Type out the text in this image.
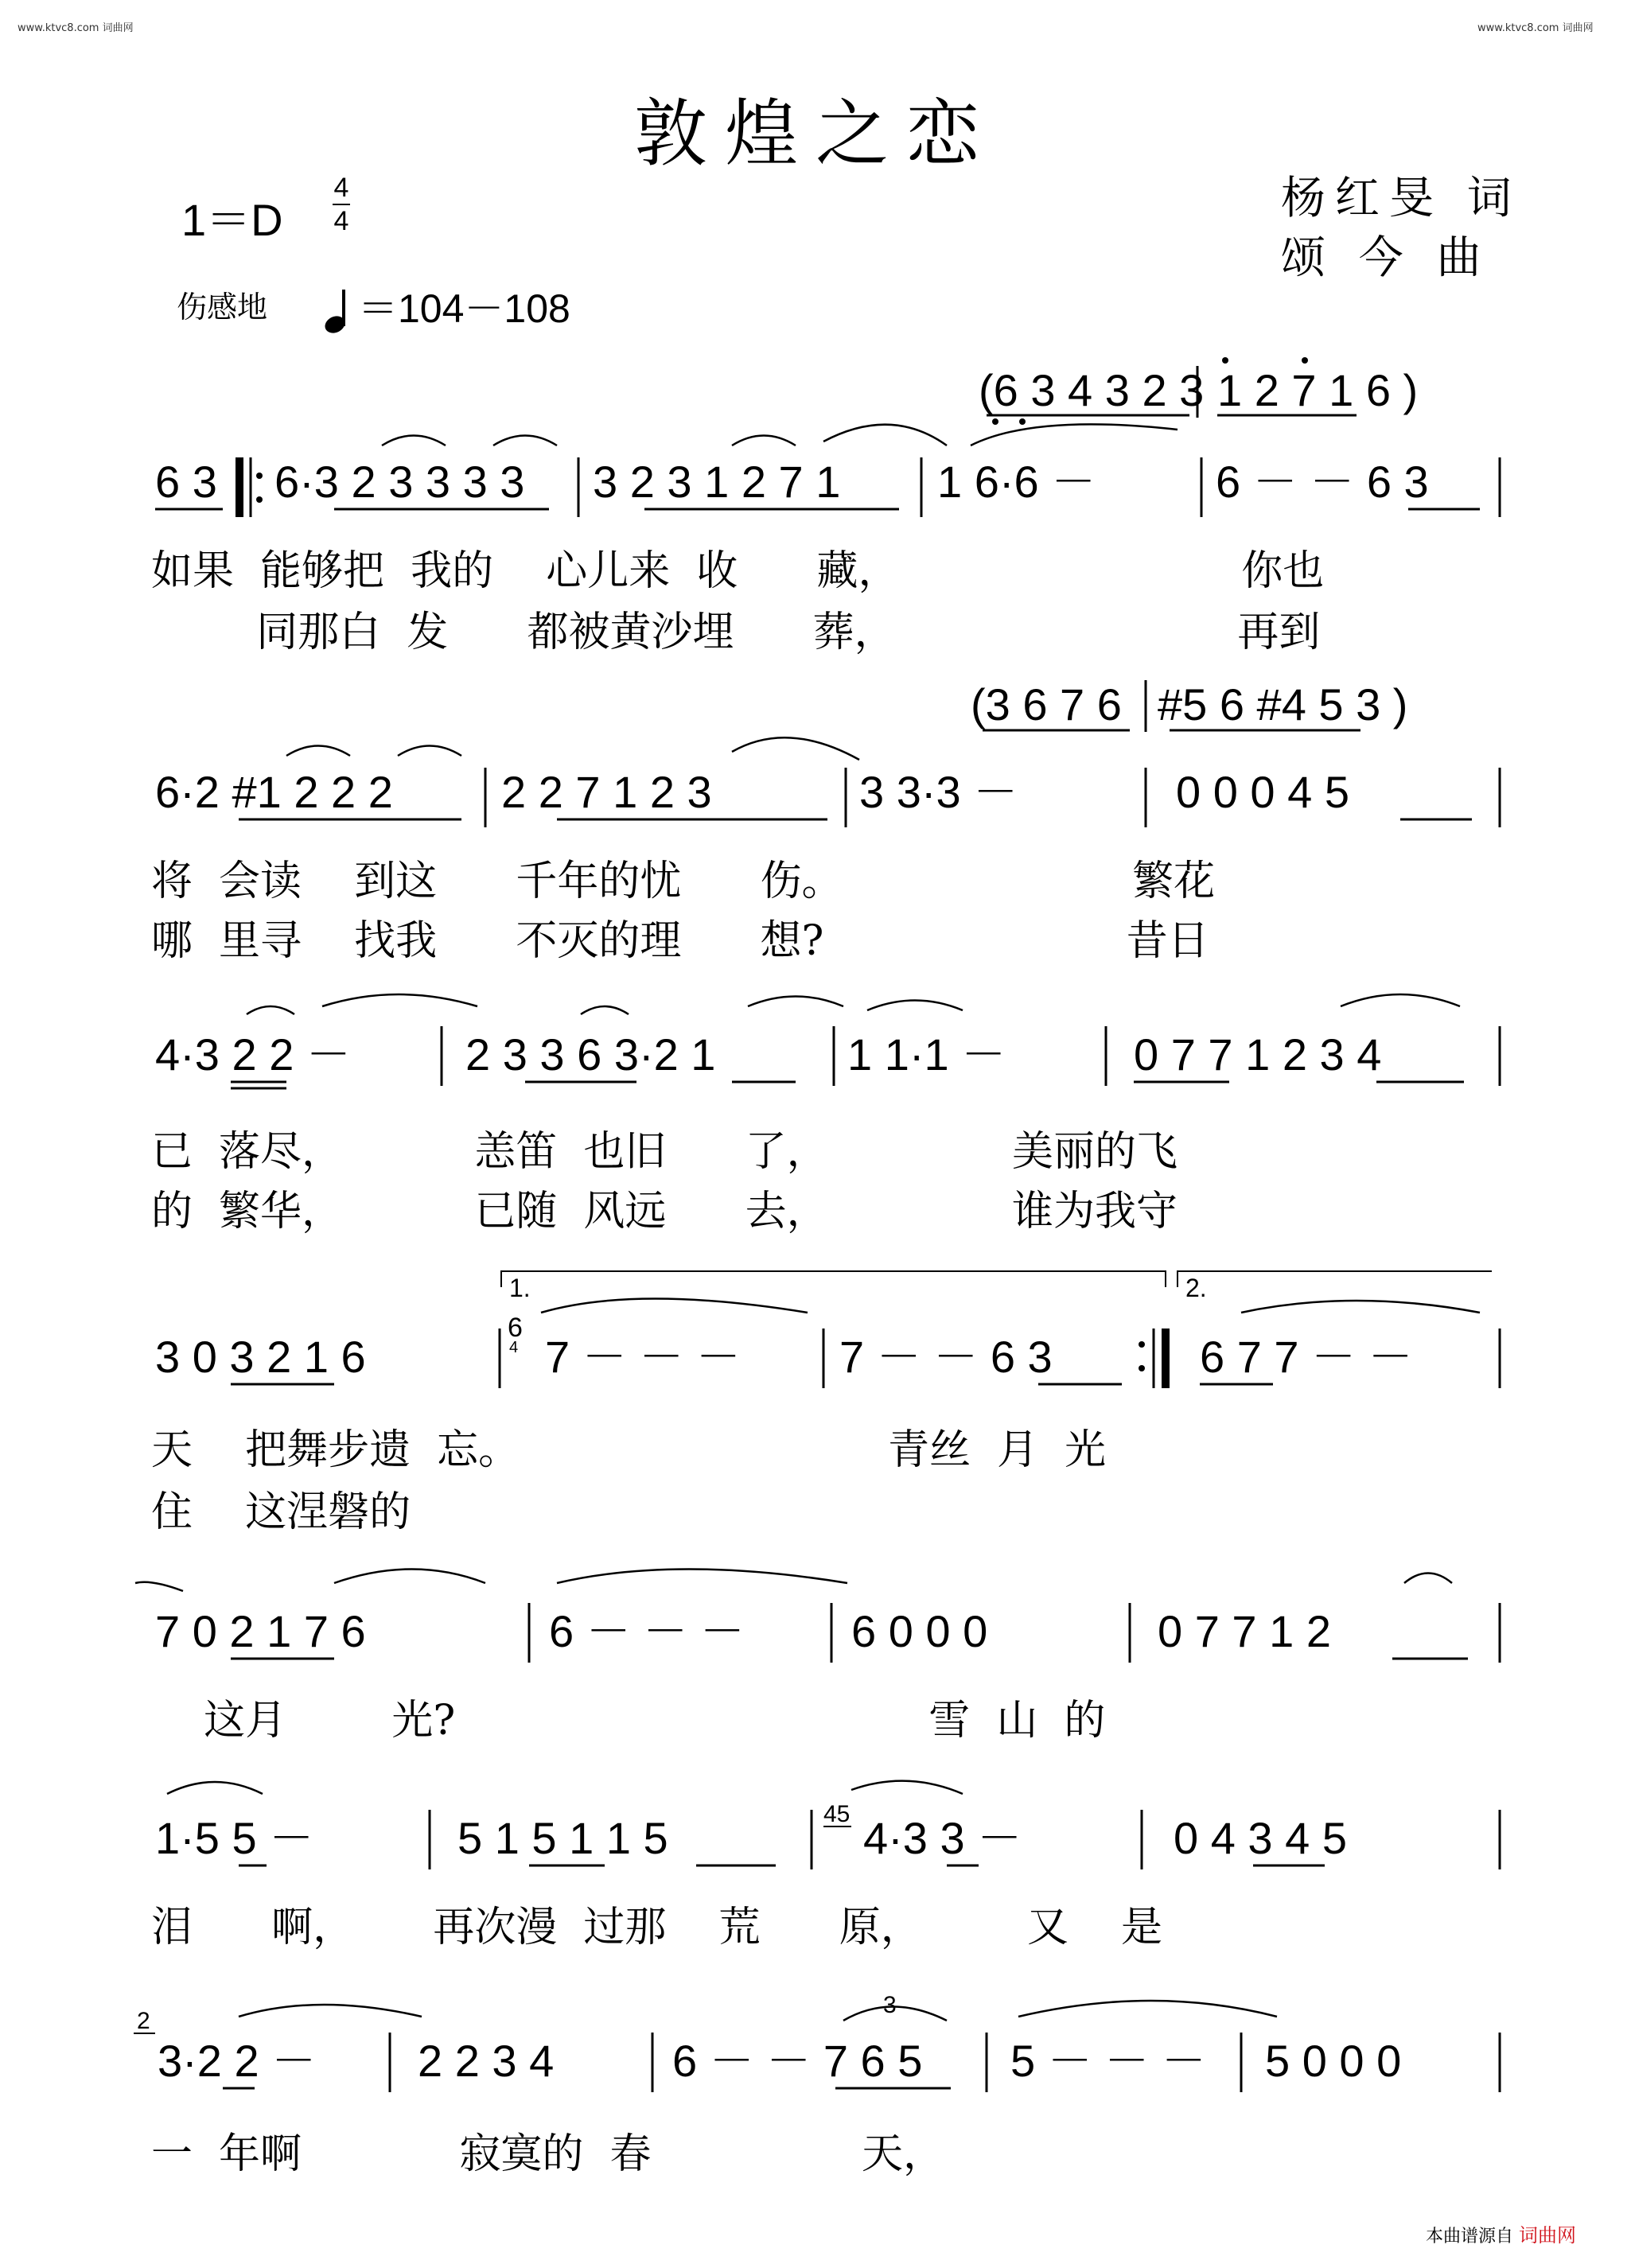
www.ktvc8.com 词曲网	www.ktvc8.com 词曲网
敦煌之恋
杨红旻 词
颂 今 曲
1＝D
4
4
伤感地	＝104－108
(6 3 4 3 2 3 1 2 7 1 6 )
6 3 6·3 2 3 3 3 3 3 2 3 1 2 7 1 1 6·6 －	6 － － 6 3
(3 6 7 6 #5 6 #4 5 3 )
6·2 #1 2 2 2 2 2 7 1 2 3	3 3·3 －	0 0 0 4 5
4·3 2 2 －	2 3 3 6 3·2 1	1 1·1 －	0 7 7 1 2 3 4
3 0 3 2 1 6
1.
6
4 7 － － － 7 － － 6 3
2.
6 7 7 － －
7 0 2 1 7 6	6 － － － 6 0 0 0	0 7 7 1 2
1·5 5 －	5 1 5 1 1 5	45 4·3 3 －	0 4 3 4 5
2
3·2 2 － 2 2 3 4	6 － － 7 6 5
3
5 － － － 5 0 0 0
如果  能够把  我的    心儿来  收      藏，                          你也
同那白  发      都被黄沙埋      葬，                          再到
将  会读    到这      千年的忧      伤。                      繁花
哪  里寻    找我      不灭的理      想?                       昔日
已  落尽，          恙笛  也旧      了，              美丽的飞
的  繁华，          已随  风远      去，              谁为我守
天    把舞步遗  忘。                            青丝  月  光
住    这涅磐的
这月        光?                                    雪  山  的
泪      啊，      再次漫  过那    荒      原，        又    是
一  年啊            寂寞的  春                天，
本曲谱源自 词曲网
